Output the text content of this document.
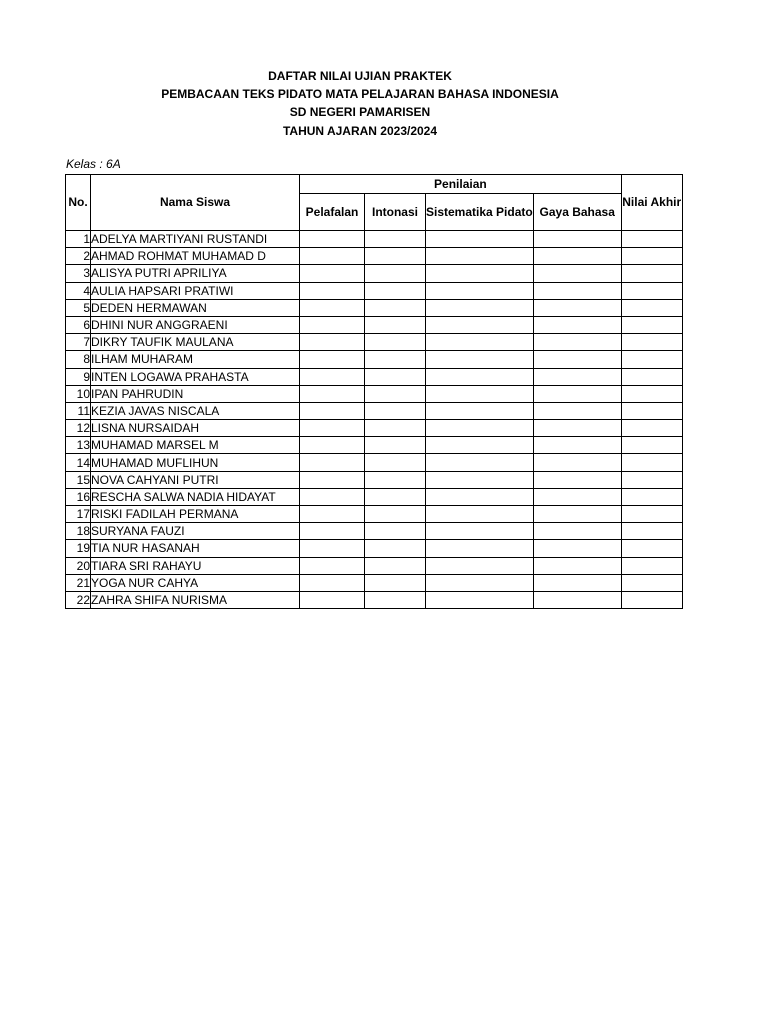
DAFTAR NILAI UJIAN PRAKTEK
PEMBACAAN TEKS PIDATO MATA PELAJARAN BAHASA INDONESIA
SD NEGERI PAMARISEN
TAHUN AJARAN 2023/2024
Kelas : 6A
No.	Nama Siswa	Penilaian				Nilai Akhir
		Pelafalan	Intonasi	Sistematika Pidato	Gaya Bahasa	
1	ADELYA MARTIYANI RUSTANDI					
2	AHMAD ROHMAT MUHAMAD D					
3	ALISYA PUTRI APRILIYA					
4	AULIA HAPSARI PRATIWI					
5	DEDEN HERMAWAN					
6	DHINI NUR ANGGRAENI					
7	DIKRY TAUFIK MAULANA					
8	ILHAM MUHARAM					
9	INTEN LOGAWA PRAHASTA					
10	IPAN PAHRUDIN					
11	KEZIA JAVAS NISCALA					
12	LISNA NURSAIDAH					
13	MUHAMAD MARSEL M					
14	MUHAMAD MUFLIHUN					
15	NOVA CAHYANI PUTRI					
16	RESCHA SALWA NADIA HIDAYAT					
17	RISKI FADILAH PERMANA					
18	SURYANA FAUZI					
19	TIA NUR HASANAH					
20	TIARA SRI RAHAYU					
21	YOGA NUR CAHYA					
22	ZAHRA SHIFA NURISMA					
